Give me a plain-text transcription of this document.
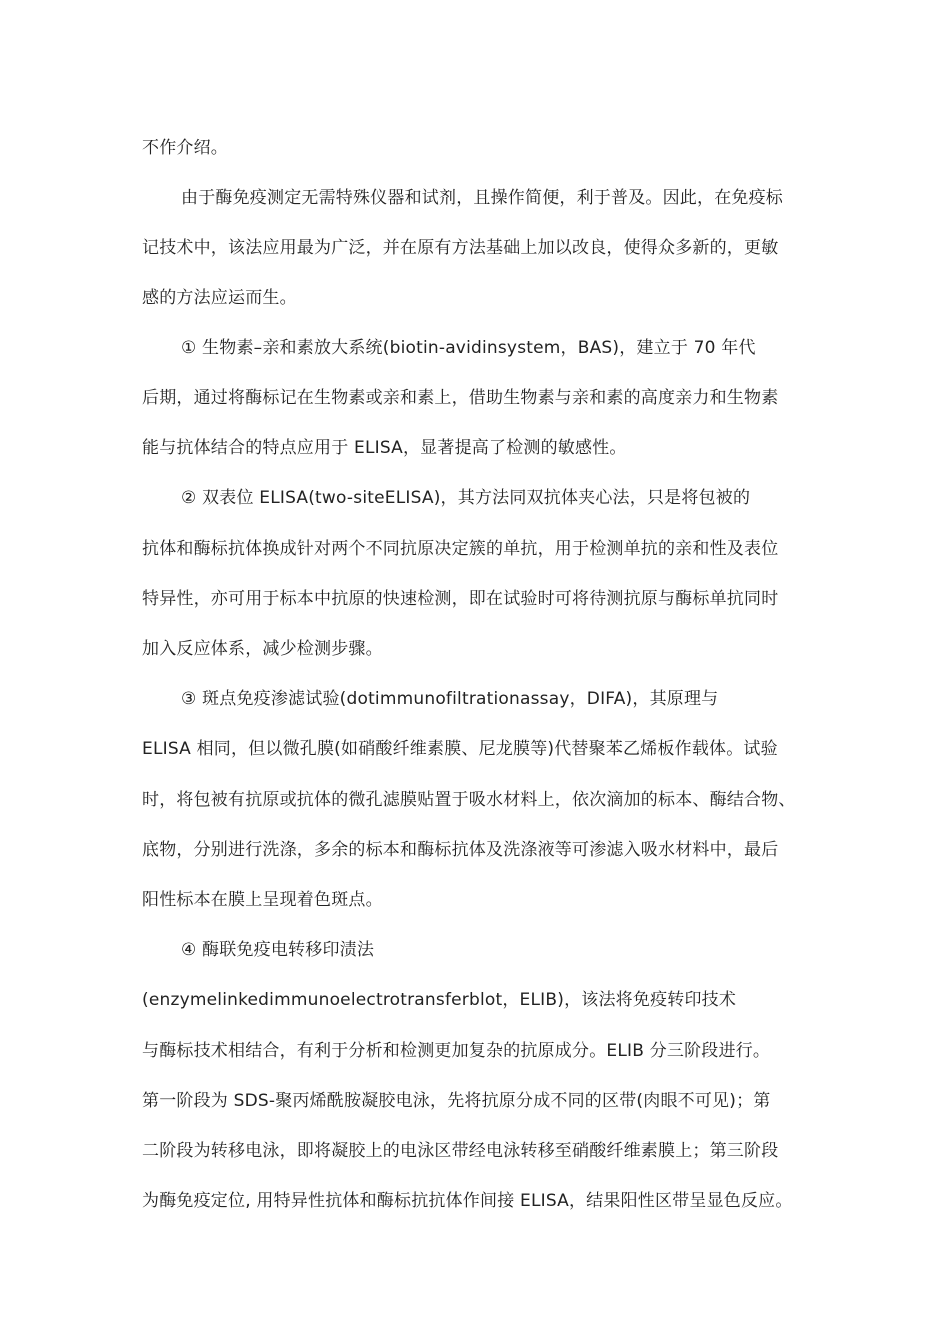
不作介绍。
由于酶免疫测定无需特殊仪器和试剂，且操作简便，利于普及。因此，在免疫标
记技术中，该法应用最为广泛，并在原有方法基础上加以改良，使得众多新的，更敏
感的方法应运而生。
① 生物素–亲和素放大系统(biotin-avidinsystem，BAS)，建立于 70 年代
后期，通过将酶标记在生物素或亲和素上，借助生物素与亲和素的高度亲力和生物素
能与抗体结合的特点应用于 ELISA，显著提高了检测的敏感性。
② 双表位 ELISA(two-siteELISA)，其方法同双抗体夹心法，只是将包被的
抗体和酶标抗体换成针对两个不同抗原决定簇的单抗，用于检测单抗的亲和性及表位
特异性，亦可用于标本中抗原的快速检测，即在试验时可将待测抗原与酶标单抗同时
加入反应体系，减少检测步骤。
③ 斑点免疫渗滤试验(dotimmunofiltrationassay，DIFA)，其原理与
ELISA 相同，但以微孔膜(如硝酸纤维素膜、尼龙膜等)代替聚苯乙烯板作载体。试验
时，将包被有抗原或抗体的微孔滤膜贴置于吸水材料上，依次滴加的标本、酶结合物、
底物，分别进行洗涤，多余的标本和酶标抗体及洗涤液等可渗滤入吸水材料中，最后
阳性标本在膜上呈现着色斑点。
④ 酶联免疫电转移印渍法
(enzymelinkedimmunoelectrotransferblot，ELIB)，该法将免疫转印技术
与酶标技术相结合，有利于分析和检测更加复杂的抗原成分。ELIB 分三阶段进行。
第一阶段为 SDS-聚丙烯酰胺凝胶电泳，先将抗原分成不同的区带(肉眼不可见)；第
二阶段为转移电泳，即将凝胶上的电泳区带经电泳转移至硝酸纤维素膜上；第三阶段
为酶免疫定位, 用特异性抗体和酶标抗抗体作间接 ELISA，结果阳性区带呈显色反应。
